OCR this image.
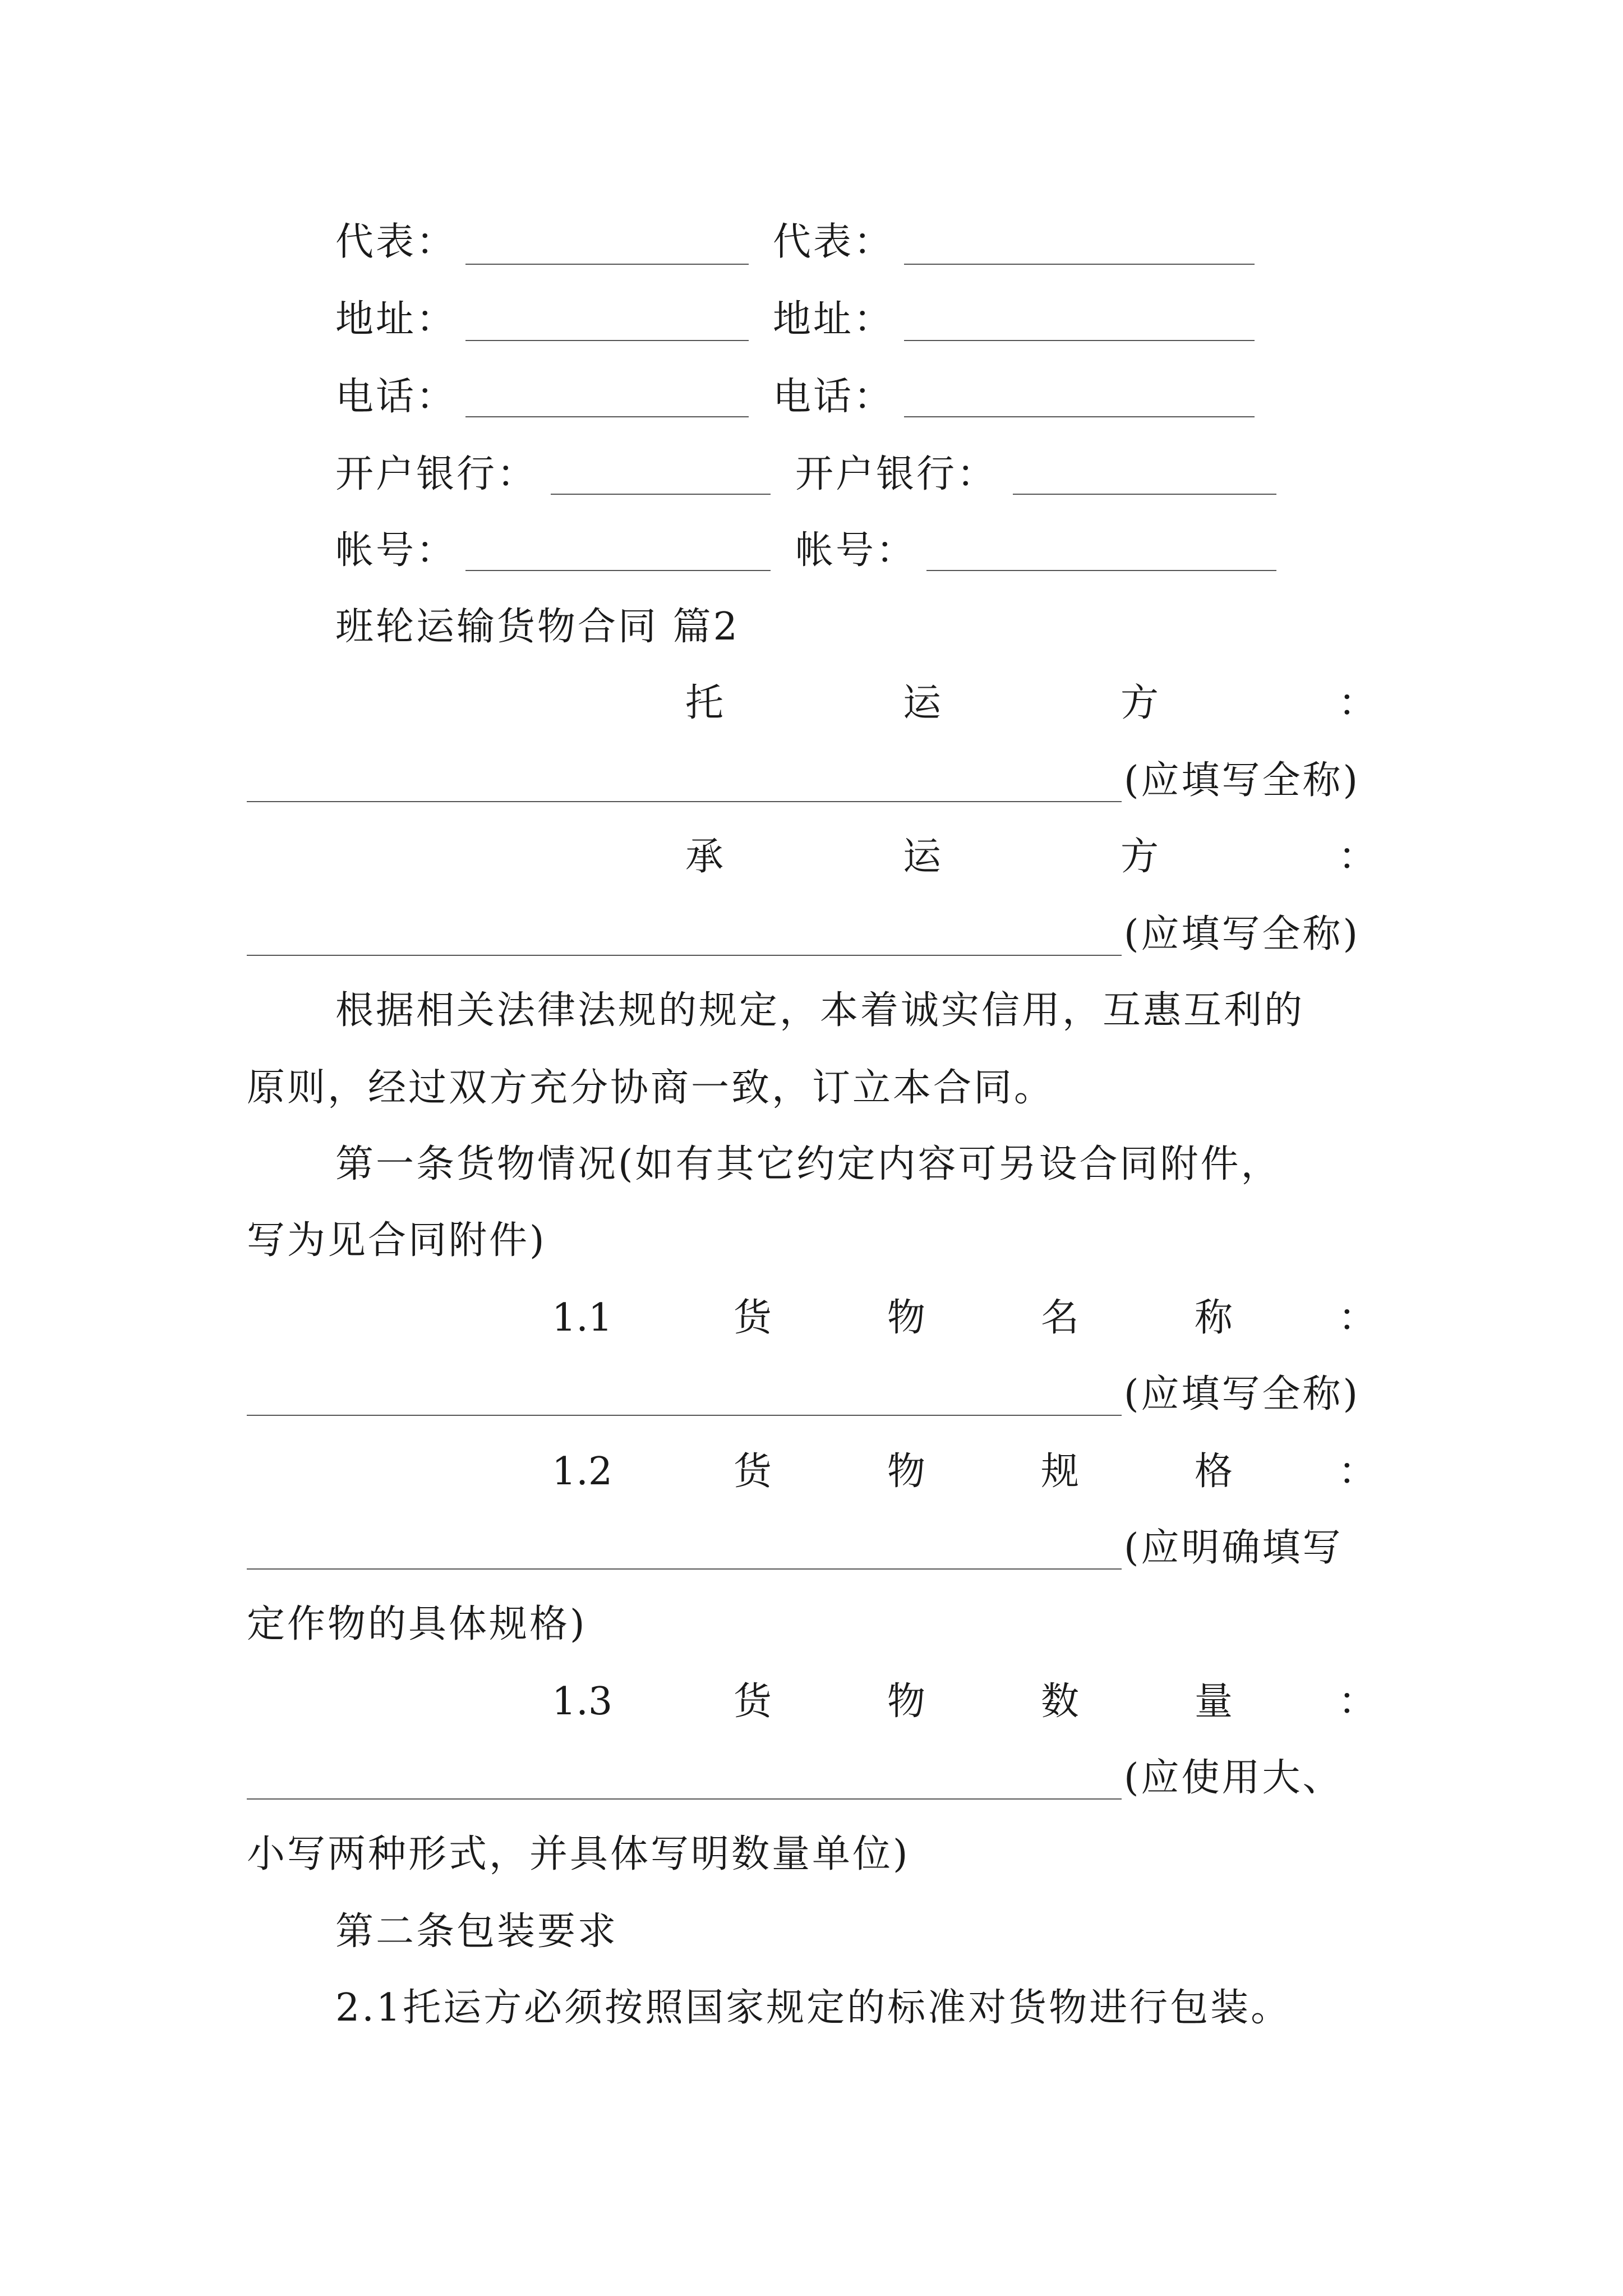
代表：	代表：
地址：	地址：
电话：	电话：
开户银行：	开户银行：
帐号：	帐号：
班轮运输货物合同 篇2
托	运	方	：
(应填写全称)
承	运	方	：
(应填写全称)
根据相关法律法规的规定，本着诚实信用，互惠互利的
原则，经过双方充分协商一致，订立本合同。
第一条货物情况(如有其它约定内容可另设合同附件，
写为见合同附件)
1.1	货	物	名	称	：
(应填写全称)
1.2	货	物	规	格	：
(应明确填写
定作物的具体规格)
1.3	货	物	数	量	：
(应使用大、
小写两种形式，并具体写明数量单位)
第二条包装要求
2.1托运方必须按照国家规定的标准对货物进行包装。
